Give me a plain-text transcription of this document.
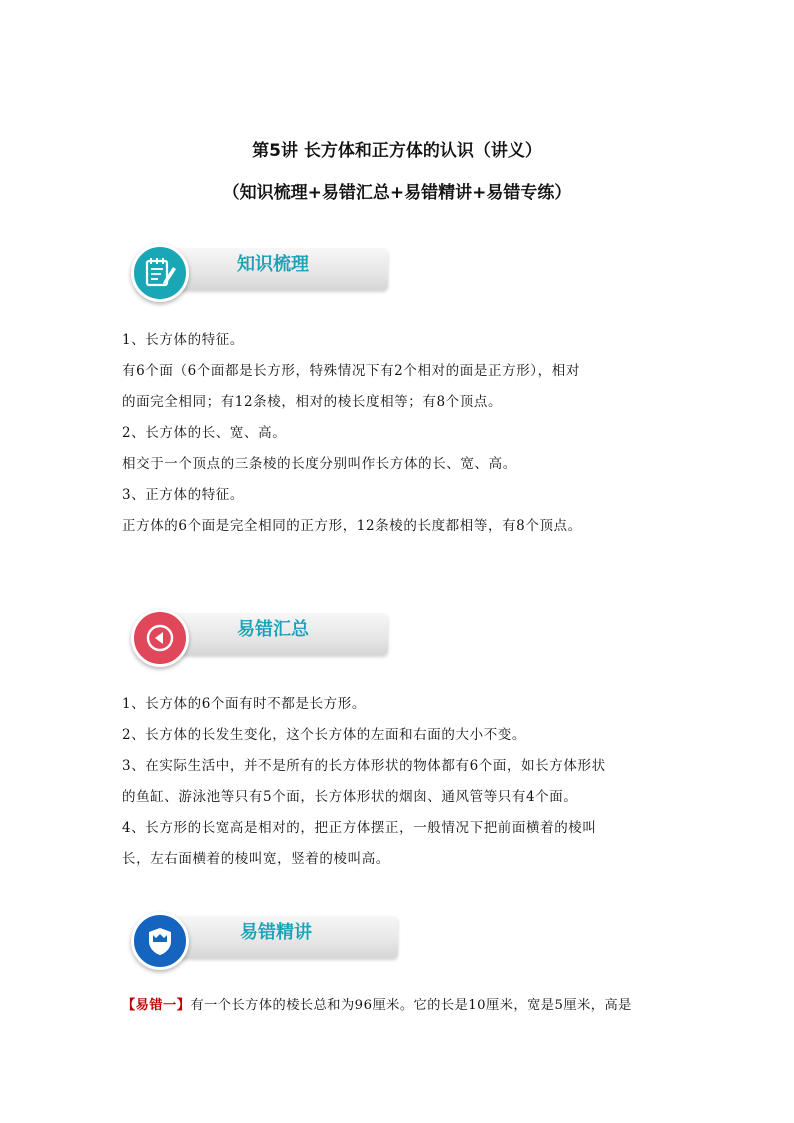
第5讲 长方体和正方体的认识（讲义）
（知识梳理+易错汇总+易错精讲+易错专练）
知识梳理
1、长方体的特征。
有6个面（6个面都是长方形，特殊情况下有2个相对的面是正方形），相对
的面完全相同；有12条棱，相对的棱长度相等；有8个顶点。
2、长方体的长、宽、高。
相交于一个顶点的三条棱的长度分别叫作长方体的长、宽、高。
3、正方体的特征。
正方体的6个面是完全相同的正方形，12条棱的长度都相等，有8个顶点。
易错汇总
1、长方体的6个面有时不都是长方形。
2、长方体的长发生变化，这个长方体的左面和右面的大小不变。
3、在实际生活中，并不是所有的长方体形状的物体都有6个面，如长方体形状
的鱼缸、游泳池等只有5个面，长方体形状的烟囱、通风管等只有4个面。
4、长方形的长宽高是相对的，把正方体摆正，一般情况下把前面横着的棱叫
长，左右面横着的棱叫宽，竖着的棱叫高。
易错精讲
【易错一】有一个长方体的棱长总和为96厘米。它的长是10厘米，宽是5厘米，高是
